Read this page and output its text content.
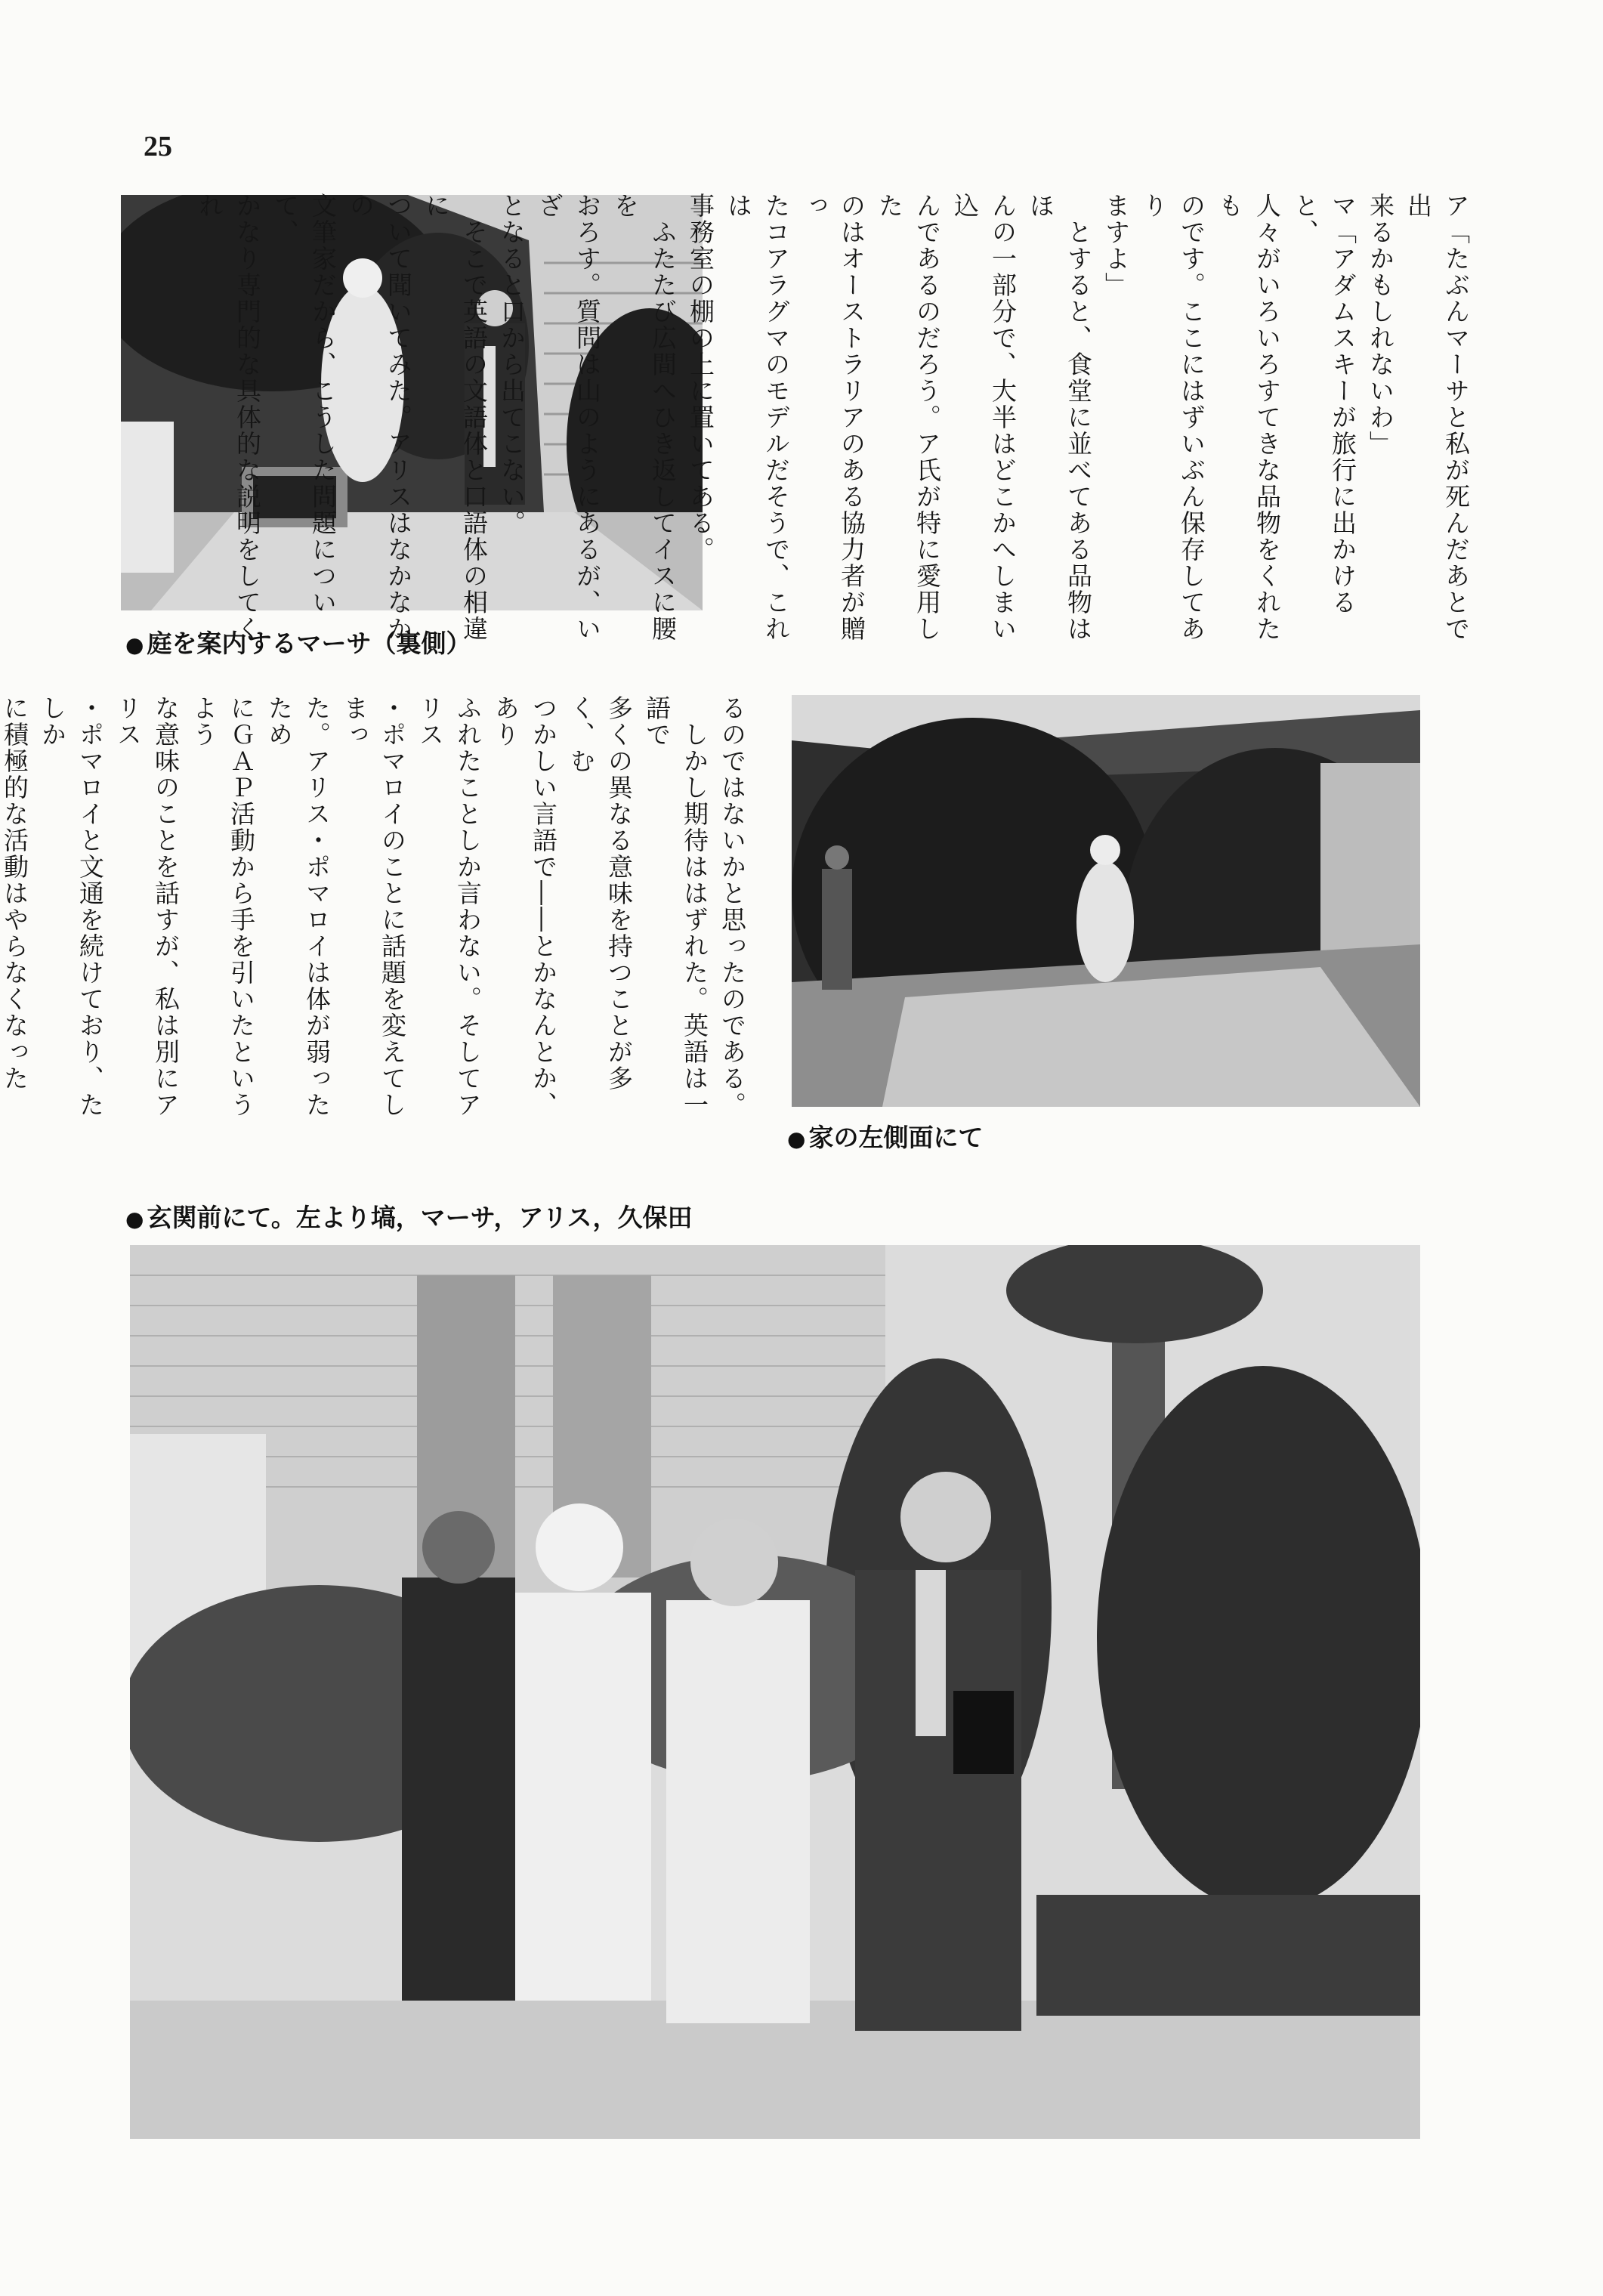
25
● 庭を案内するマーサ（裏側）

ア「たぶんマーサと私が死んだあとで出

来るかもしれないわ」

マ「アダムスキーが旅行に出かけると、

人々がいろいろすてきな品物をくれたも

のです。ここにはずいぶん保存してあり

ますよ」

　とすると、食堂に並べてある品物はほ

んの一部分で、大半はどこかへしまい込

んであるのだろう。ア氏が特に愛用した

のはオーストラリアのある協力者が贈っ

たコアラグマのモデルだそうで、これは

事務室の棚の上に置いてある。

　ふたたび広間へひき返してイスに腰を

おろす。質問は山のようにあるが、いざ

となると口から出てこない。

　そこで英語の文語体と口語体の相違に

ついて聞いてみた。アリスはなかなかの

文筆家だから、こうした問題について、

かなり専門的な具体的な説明をしてくれ

るのではないかと思ったのである。

　しかし期待ははずれた。英語は一語で

多くの異なる意味を持つことが多く、む

つかしい言語で――とかなんとか、あり

ふれたことしか言わない。そしてアリス

・ポマロイのことに話題を変えてしまっ

た。アリス・ポマロイは体が弱ったため

にＧＡＰ活動から手を引いたというよう

な意味のことを話すが、私は別にアリス

・ポマロイと文通を続けており、たしか

に積極的な活動はやらなくなった

● 家の左側面にて
● 玄関前にて。左より塙，マーサ，アリス，久保田
